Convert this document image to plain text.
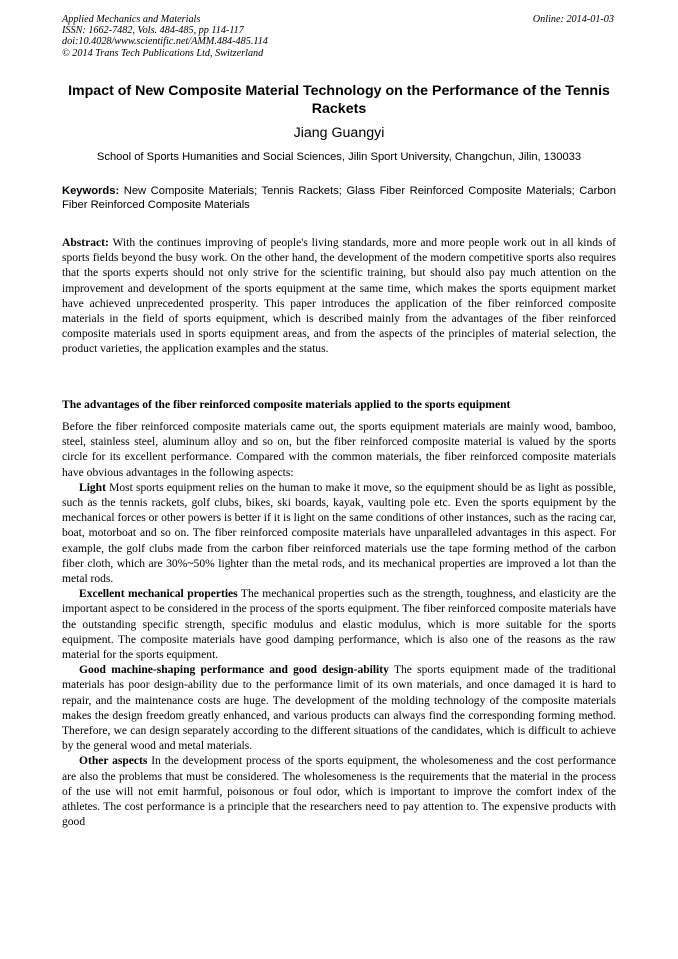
Applied Mechanics and Materials
ISSN: 1662-7482, Vols. 484-485, pp 114-117
doi:10.4028/www.scientific.net/AMM.484-485.114
© 2014 Trans Tech Publications Ltd, Switzerland
Online: 2014-01-03
Impact of New Composite Material Technology on the Performance of the Tennis Rackets
Jiang Guangyi
School of Sports Humanities and Social Sciences, Jilin Sport University, Changchun, Jilin, 130033
Keywords: New Composite Materials; Tennis Rackets; Glass Fiber Reinforced Composite Materials; Carbon Fiber Reinforced Composite Materials
Abstract: With the continues improving of people's living standards, more and more people work out in all kinds of sports fields beyond the busy work. On the other hand, the development of the modern competitive sports also requires that the sports experts should not only strive for the scientific training, but should also pay much attention on the improvement and development of the sports equipment at the same time, which makes the sports equipment market have achieved unprecedented prosperity. This paper introduces the application of the fiber reinforced composite materials in the field of sports equipment, which is described mainly from the advantages of the fiber reinforced composite materials used in sports equipment areas, and from the aspects of the principles of material selection, the product varieties, the application examples and the status.
The advantages of the fiber reinforced composite materials applied to the sports equipment

Before the fiber reinforced composite materials came out, the sports equipment materials are mainly wood, bamboo, steel, stainless steel, aluminum alloy and so on, but the fiber reinforced composite material is valued by the sports circle for its excellent performance. Compared with the common materials, the fiber reinforced composite materials have obvious advantages in the following aspects:

Light Most sports equipment relies on the human to make it move, so the equipment should be as light as possible, such as the tennis rackets, golf clubs, bikes, ski boards, kayak, vaulting pole etc. Even the sports equipment by the mechanical forces or other powers is better if it is light on the same conditions of other instances, such as the racing car, boat, motorboat and so on. The fiber reinforced composite materials have unparalleled advantages in this aspect. For example, the golf clubs made from the carbon fiber reinforced materials use the tape forming method of the carbon fiber cloth, which are 30%~50% lighter than the metal rods, and its mechanical properties are improved a lot than the metal rods.

Excellent mechanical properties The mechanical properties such as the strength, toughness, and elasticity are the important aspect to be considered in the process of the sports equipment. The fiber reinforced composite materials have the outstanding specific strength, specific modulus and elastic modulus, which is more suitable for the sports equipment. The composite materials have good damping performance, which is also one of the reasons as the raw material for the sports equipment.

Good machine-shaping performance and good design-ability The sports equipment made of the traditional materials has poor design-ability due to the performance limit of its own materials, and once damaged it is hard to repair, and the maintenance costs are huge. The development of the molding technology of the composite materials makes the design freedom greatly enhanced, and various products can always find the corresponding forming method. Therefore, we can design separately according to the different situations of the candidates, which is difficult to achieve by the general wood and metal materials.

Other aspects In the development process of the sports equipment, the wholesomeness and the cost performance are also the problems that must be considered. The wholesomeness is the requirements that the material in the process of the use will not emit harmful, poisonous or foul odor, which is important to improve the comfort index of the athletes. The cost performance is a principle that the researchers need to pay attention to. The expensive products with good
